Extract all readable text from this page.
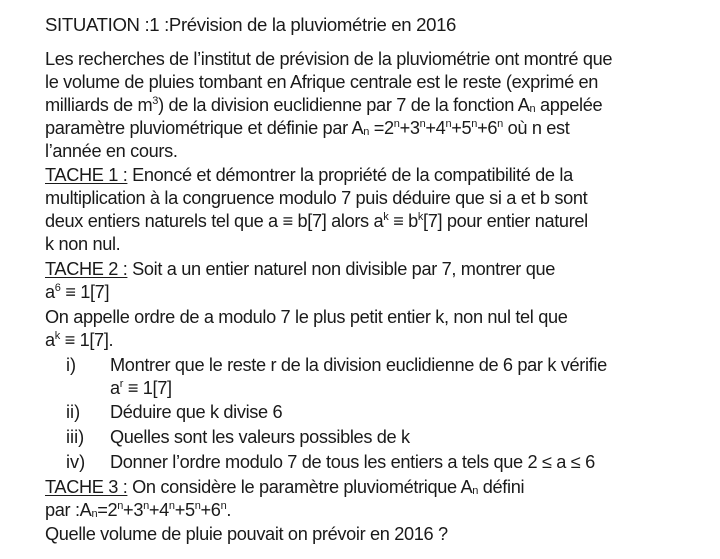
SITUATION :1 :Prévision de la pluviométrie en 2016
Les recherches de l’institut de prévision de la pluviométrie ont montré que
le volume de pluies tombant en Afrique centrale est le reste (exprimé en
milliards de $m^3$) de la division euclidienne par 7 de la fonction $A_n$ appelée
paramètre pluviométrique et définie par $A_n =2^n+3^n+4^n+5^n+6^n$ où n est
l’année en cours.
TACHE 1 : Enoncé et démontrer la propriété de la compatibilité de la
multiplication à la congruence modulo 7 puis déduire que si a et b sont
deux entiers naturels tel que a ≡ b[7] alors $a^k \equiv b^k[7]$ pour entier naturel
k non nul.
TACHE 2 : Soit a un entier naturel non divisible par 7, montrer que
$a^6 \equiv 1[7]$
On appelle ordre de a modulo 7 le plus petit entier k, non nul tel que
$a^k \equiv 1[7]$.
i) Montrer que le reste r de la division euclidienne de 6 par k vérifie
$a^r \equiv 1[7]$
ii) Déduire que k divise 6
iii) Quelles sont les valeurs possibles de k
iv) Donner l’ordre modulo 7 de tous les entiers a tels que 2 ≤ a ≤ 6
TACHE 3 : On considère le paramètre pluviométrique $A_n$ défini
par $:A_n=2^n+3^n+4^n+5^n+6^n$.
Quelle volume de pluie pouvait on prévoir en 2016 ?
